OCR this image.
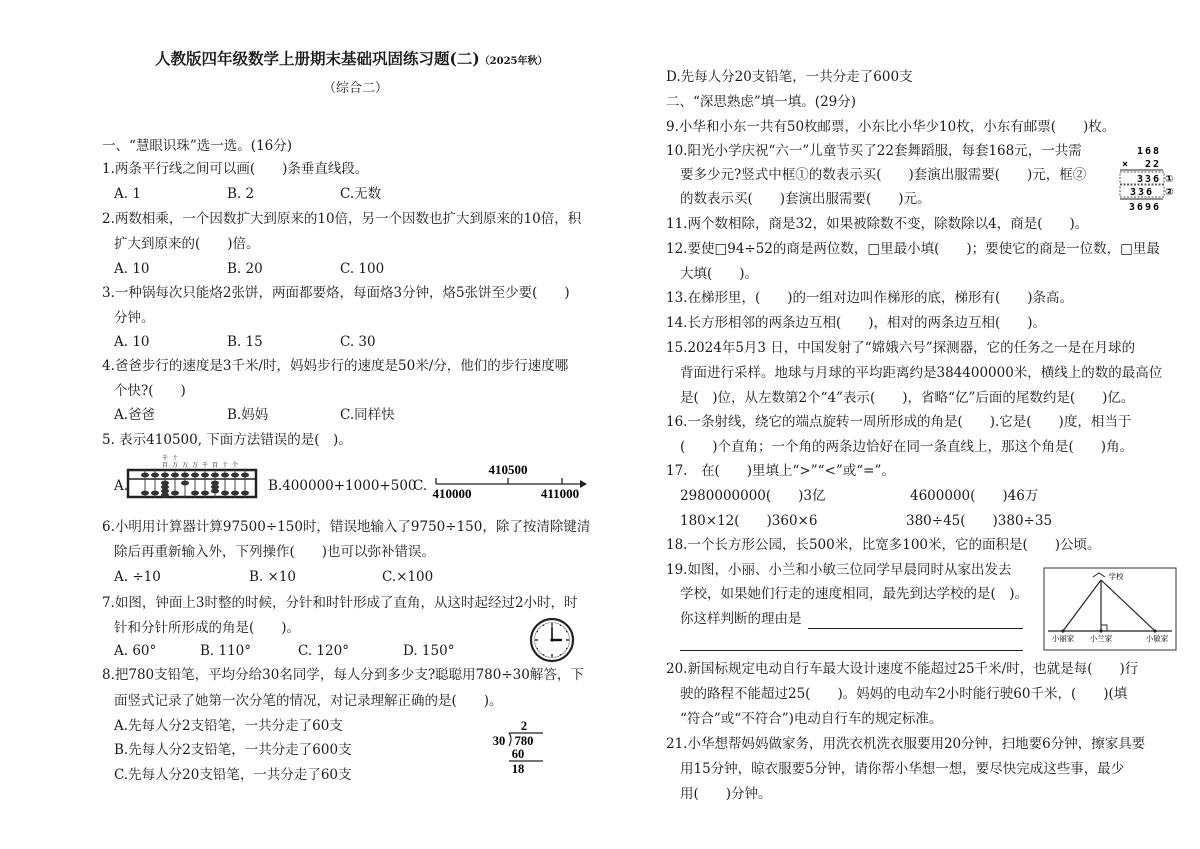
人教版四年级数学上册期末基础巩固练习题(二)（2025年秋）
（综合二）
一、“慧眼识珠”选一选。(16分)
1.两条平行线之间可以画(　　)条垂直线段。
A. 1	B. 2	C.无数
2.两数相乘，一个因数扩大到原来的10倍，另一个因数也扩大到原来的10倍，积
扩大到原来的(　　)倍。
A. 10	B. 20	C. 100
3.一种锅每次只能烙2张饼，两面都要烙，每面烙3分钟，烙5张饼至少要(　　)
分钟。
A. 10	B. 15	C. 30
4.爸爸步行的速度是3千米/时，妈妈步行的速度是50米/分，他们的步行速度哪
个快?(　　)
A.爸爸	B.妈妈	C.同样快
5. 表示410500, 下面方法错误的是(　)。
A.
千
百
十
万 万 万 千 百 十 个
B.400000+1000+500
C.
410500
410000	411000
6.小明用计算器计算97500÷150时，错误地输入了9750÷150，除了按清除键清
除后再重新输入外，下列操作(　　)也可以弥补错误。
A. ÷10	B. ×10	C.×100
7.如图，钟面上3时整的时候，分针和时针形成了直角，从这时起经过2小时，时
针和分针所形成的角是(　　)。
A. 60°	B. 110°	C. 120°	D. 150°
8.把780支铅笔，平均分给30名同学，每人分到多少支?聪聪用780÷30解答，下
面竖式记录了她第一次分笔的情况，对记录理解正确的是(　　)。
A.先每人分2支铅笔，一共分走了60支
B.先每人分2支铅笔，一共分走了600支
C.先每人分20支铅笔，一共分走了60支
2
30 780
60
18
D.先每人分20支铅笔，一共分走了600支
二、“深思熟虑”填一填。(29分)
9.小华和小东一共有50枚邮票，小东比小华少10枚，小东有邮票(　　)枚。
10.阳光小学庆祝“六一”儿童节买了22套舞蹈服，每套168元，一共需
要多少元?竖式中框①的数表示买(　　)套演出服需要(　　)元，框②
的数表示买(　　)套演出服需要(　　)元。
168
× 22
336 ①
336 ②
3696
11.两个数相除，商是32，如果被除数不变，除数除以4，商是(　　)。
12.要使□94÷52的商是两位数，□里最小填(　　)；要使它的商是一位数，□里最
大填(　　)。
13.在梯形里，(　　)的一组对边叫作梯形的底，梯形有(　　)条高。
14.长方形相邻的两条边互相(　　)，相对的两条边互相(　　)。
15.2024年5月3 日，中国发射了“嫦娥六号”探测器，它的任务之一是在月球的
背面进行采样。地球与月球的平均距离约是384400000米，横线上的数的最高位
是(　)位，从左数第2个“4”表示(　　)，省略“亿”后面的尾数约是(　　)亿。
16.一条射线，绕它的端点旋转一周所形成的角是(　　).它是(　　)度，相当于
(　　)个直角；一个角的两条边恰好在同一条直线上，那这个角是(　　)角。
17.　在(　　)里填上“>”“<”或“=”。
2980000000(　　)3亿	4600000(　　)46万
180×12(　　)360×6	380÷45(　　)380÷35
18.一个长方形公园，长500米，比宽多100米，它的面积是(　　)公顷。
19.如图，小丽、小兰和小敏三位同学早晨同时从家出发去
学校，如果她们行走的速度相同，最先到达学校的是(　)。
你这样判断的理由是
学校
小丽家 小兰家	小敏家
20.新国标规定电动自行车最大设计速度不能超过25千米/时，也就是每(　　)行
驶的路程不能超过25(　　)。妈妈的电动车2小时能行驶60千米，(　　)(填
“符合”或“不符合”)电动自行车的规定标准。
21.小华想帮妈妈做家务，用洗衣机洗衣服要用20分钟，扫地要6分钟，擦家具要
用15分钟，晾衣服要5分钟，请你帮小华想一想，要尽快完成这些事，最少
用(　　)分钟。
